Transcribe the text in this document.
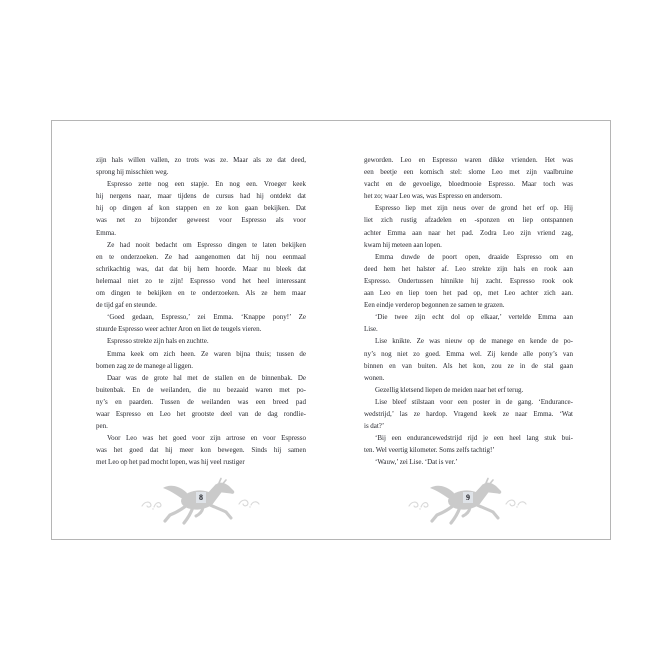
zijn hals willen vallen, zo trots was ze. Maar als ze dat deed,
sprong hij misschien weg.
Espresso zette nog een stapje. En nog een. Vroeger keek
hij nergens naar, maar tijdens de cursus had hij ontdekt dat
hij op dingen af kon stappen en ze kon gaan bekijken. Dat
was net zo bijzonder geweest voor Espresso als voor
Emma.
Ze had nooit bedacht om Espresso dingen te laten bekijken
en te onderzoeken. Ze had aangenomen dat hij nou eenmaal
schrikachtig was, dat dat bij hem hoorde. Maar nu bleek dat
helemaal niet zo te zijn! Espresso vond het heel interessant
om dingen te bekijken en te onderzoeken. Als ze hem maar
de tijd gaf en steunde.
‘Goed gedaan, Espresso,’ zei Emma. ‘Knappe pony!’ Ze
stuurde Espresso weer achter Aron en liet de teugels vieren.
Espresso strekte zijn hals en zuchtte.
Emma keek om zich heen. Ze waren bijna thuis; tussen de
bomen zag ze de manege al liggen.
Daar was de grote hal met de stallen en de binnenbak. De
buitenbak. En de weilanden, die nu bezaaid waren met po-
ny’s en paarden. Tussen de weilanden was een breed pad
waar Espresso en Leo het grootste deel van de dag rondlie-
pen.
Voor Leo was het goed voor zijn artrose en voor Espresso
was het goed dat hij meer kon bewegen. Sinds hij samen
met Leo op het pad mocht lopen, was hij veel rustiger
geworden. Leo en Espresso waren dikke vrienden. Het was
een beetje een komisch stel: slome Leo met zijn vaalbruine
vacht en de gevoelige, bloedmooie Espresso. Maar toch was
het zo; waar Leo was, was Espresso en andersom.
Espresso liep met zijn neus over de grond het erf op. Hij
liet zich rustig afzadelen en -sponzen en liep ontspannen
achter Emma aan naar het pad. Zodra Leo zijn vriend zag,
kwam hij meteen aan lopen.
Emma duwde de poort open, draaide Espresso om en
deed hem het halster af. Leo strekte zijn hals en rook aan
Espresso. Ondertussen hinnikte hij zacht. Espresso rook ook
aan Leo en liep toen het pad op, met Leo achter zich aan.
Een eindje verderop begonnen ze samen te grazen.
‘Die twee zijn echt dol op elkaar,’ vertelde Emma aan
Lise.
Lise knikte. Ze was nieuw op de manege en kende de po-
ny’s nog niet zo goed. Emma wel. Zij kende alle pony’s van
binnen en van buiten. Als het kon, zou ze in de stal gaan
wonen.
Gezellig kletsend liepen de meiden naar het erf terug.
Lise bleef stilstaan voor een poster in de gang. ‘Endurance-
wedstrijd,’ las ze hardop. Vragend keek ze naar Emma. ‘Wat
is dat?’
‘Bij een endurancewedstrijd rijd je een heel lang stuk bui-
ten. Wel veertig kilometer. Soms zelfs tachtig!’
‘Wauw,’ zei Lise. ‘Dat is ver.’
8	9
